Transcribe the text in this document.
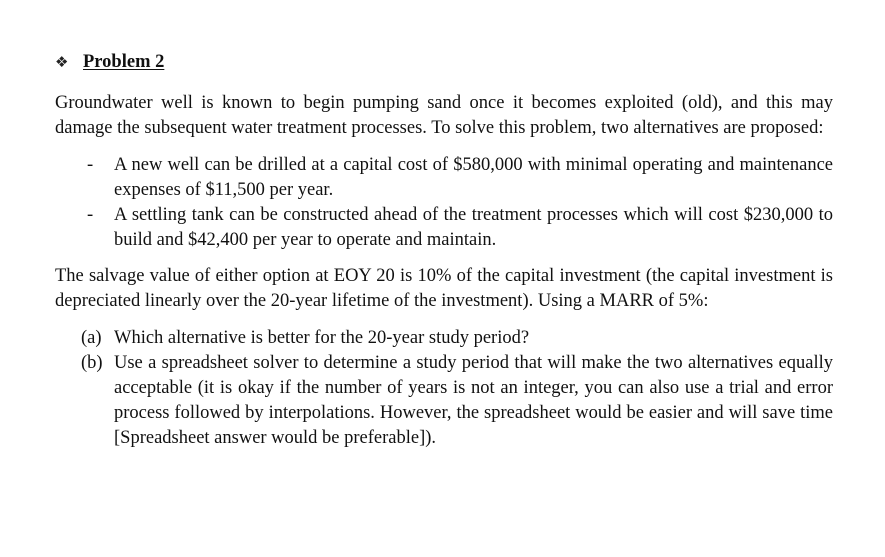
❖ Problem 2

Groundwater well is known to begin pumping sand once it becomes exploited (old), and this may damage the subsequent water treatment processes. To solve this problem, two alternatives are proposed:

-	A new well can be drilled at a capital cost of $580,000 with minimal operating and maintenance expenses of $11,500 per year.
-	A settling tank can be constructed ahead of the treatment processes which will cost $230,000 to build and $42,400 per year to operate and maintain.

The salvage value of either option at EOY 20 is 10% of the capital investment (the capital investment is depreciated linearly over the 20-year lifetime of the investment). Using a MARR of 5%:

(a) Which alternative is better for the 20-year study period?
(b) Use a spreadsheet solver to determine a study period that will make the two alternatives equally acceptable (it is okay if the number of years is not an integer, you can also use a trial and error process followed by interpolations. However, the spreadsheet would be easier and will save time [Spreadsheet answer would be preferable]).
